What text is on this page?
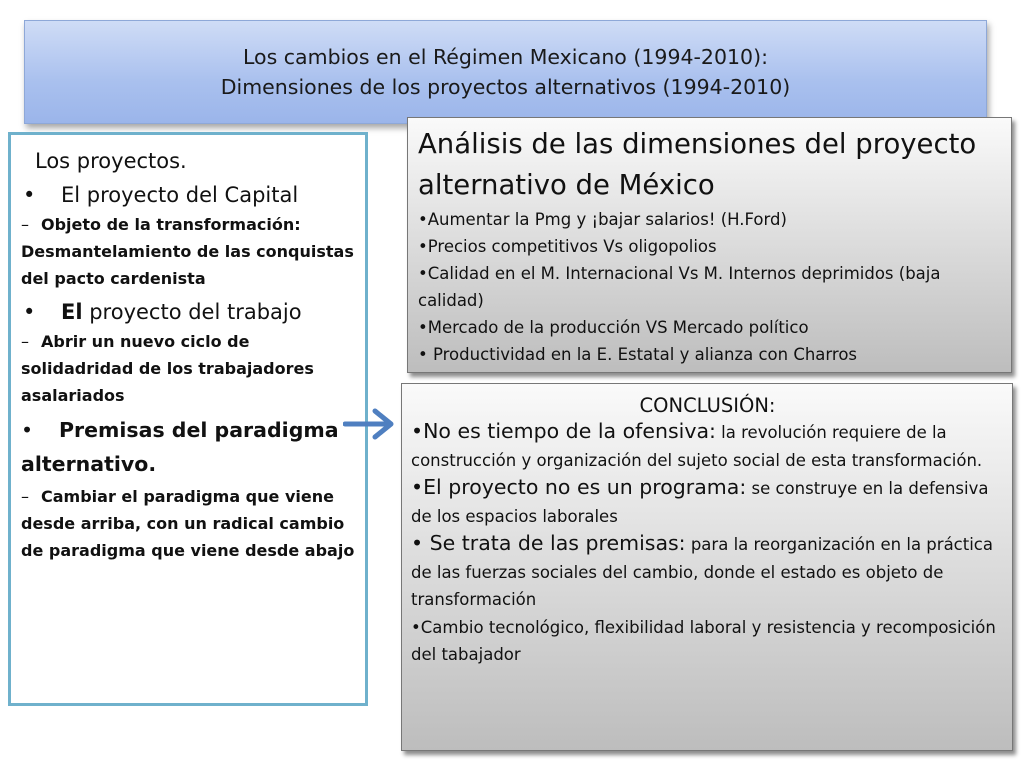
Los cambios en el Régimen Mexicano (1994-2010):
Dimensiones de los proyectos alternativos (1994-2010)
Los proyectos.
•	El proyecto del Capital
– Objeto de la transformación: Desmantelamiento de las conquistas del pacto cardenista
•	El proyecto del trabajo
– Abrir un nuevo ciclo de solidadridad de los trabajadores asalariados
• Premisas del paradigma alternativo.
– Cambiar el paradigma que viene desde arriba, con un radical cambio de paradigma que viene desde abajo
Análisis de las dimensiones del proyecto alternativo de México
•Aumentar la Pmg y ¡bajar salarios! (H.Ford)
•Precios competitivos Vs oligopolios
•Calidad en el M. Internacional Vs M. Internos deprimidos (baja calidad)
•Mercado de la producción VS Mercado político
• Productividad en la E. Estatal y alianza con Charros
CONCLUSIÓN:
•No es tiempo de la ofensiva: la revolución requiere de la construcción y organización del sujeto social de esta transformación.
•El proyecto no es un programa: se construye en la defensiva de los espacios laborales
• Se trata de las premisas: para la reorganización en la práctica de las fuerzas sociales del cambio, donde el estado es objeto de transformación
•Cambio tecnológico, flexibilidad laboral y resistencia y recomposición del tabajador
